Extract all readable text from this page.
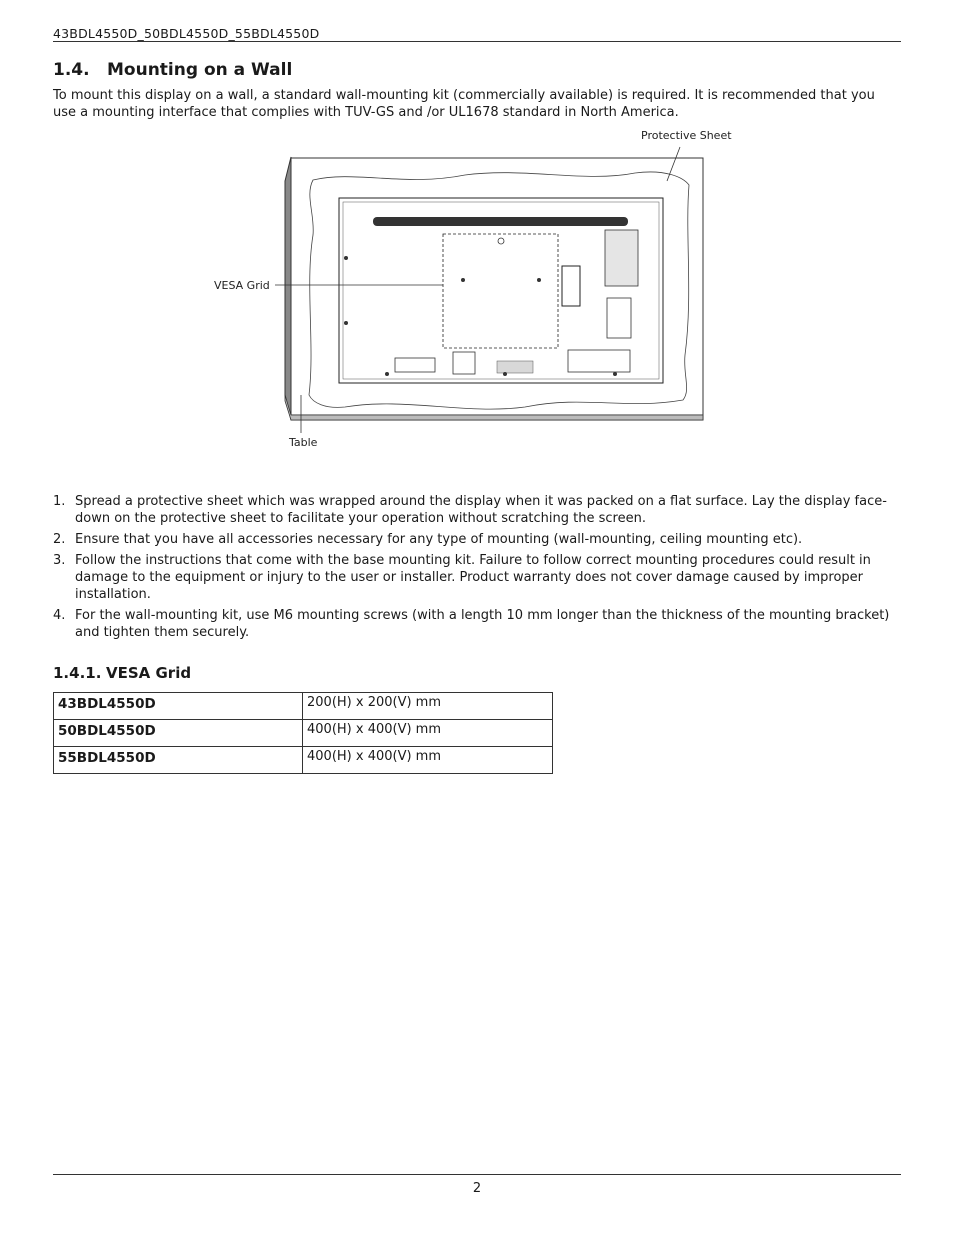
43BDL4550D_50BDL4550D_55BDL4550D
1.4. Mounting on a Wall
To mount this display on a wall, a standard wall-mounting kit (commercially available) is required. It is recommended that you use a mounting interface that complies with TUV-GS and /or UL1678 standard in North America.
Protective Sheet
VESA Grid
Table
1. Spread a protective sheet which was wrapped around the display when it was packed on a flat surface. Lay the display face-down on the protective sheet to facilitate your operation without scratching the screen.
2. Ensure that you have all accessories necessary for any type of mounting (wall-mounting, ceiling mounting etc).
3. Follow the instructions that come with the base mounting kit. Failure to follow correct mounting procedures could result in damage to the equipment or injury to the user or installer. Product warranty does not cover damage caused by improper installation.
4. For the wall-mounting kit, use M6 mounting screws (with a length 10 mm longer than the thickness of the mounting bracket) and tighten them securely.
1.4.1. VESA Grid
43BDL4550D	200(H) x 200(V) mm
50BDL4550D	400(H) x 400(V) mm
55BDL4550D	400(H) x 400(V) mm
2
